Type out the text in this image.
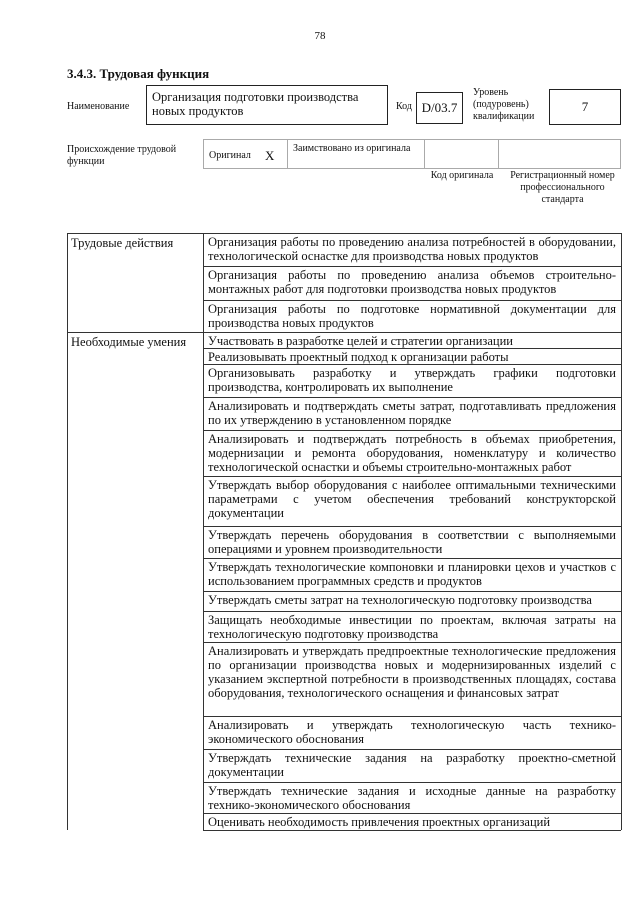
78
3.4.3. Трудовая функция
Наименование
Организация подготовки производства новых продуктов	Код D/03.7
Уровень (подуровень) квалификации
7
Происхождение трудовой функции
Оригинал X Заимствовано из оригинала
Код оригинала	Регистрационный номер профессионального стандарта
Организация работы по проведению анализа потребностей в оборудовании, технологической оснастке для производства новых продуктов
Организация работы по проведению анализа объемов строительно-монтажных работ для подготовки производства новых продуктов
Организация работы по подготовке нормативной документации для производства новых продуктов
Участвовать в разработке целей и стратегии организации
Реализовывать проектный подход к организации работы
Организовывать разработку и утверждать графики подготовки производства, контролировать их выполнение
Анализировать и подтверждать сметы затрат, подготавливать предложения по их утверждению в установленном порядке
Анализировать и подтверждать потребность в объемах приобретения, модернизации и ремонта оборудования, номенклатуру и количество технологической оснастки и объемы строительно-монтажных работ
Утверждать выбор оборудования с наиболее оптимальными техническими параметрами с учетом обеспечения требований конструкторской документации
Утверждать перечень оборудования в соответствии с выполняемыми операциями и уровнем производительности
Утверждать технологические компоновки и планировки цехов и участков с использованием программных средств и продуктов
Утверждать сметы затрат на технологическую подготовку производства
Защищать необходимые инвестиции по проектам, включая затраты на технологическую подготовку производства
Анализировать и утверждать предпроектные технологические предложения по организации производства новых и модернизированных изделий с указанием экспертной потребности в производственных площадях, состава оборудования, технологического оснащения и финансовых затрат
Анализировать и утверждать технологическую часть технико-экономического обоснования
Утверждать технические задания на разработку проектно-сметной документации
Утверждать технические задания и исходные данные на разработку технико-экономического обоснования
Оценивать необходимость привлечения проектных организаций
Трудовые действия
Необходимые умения
